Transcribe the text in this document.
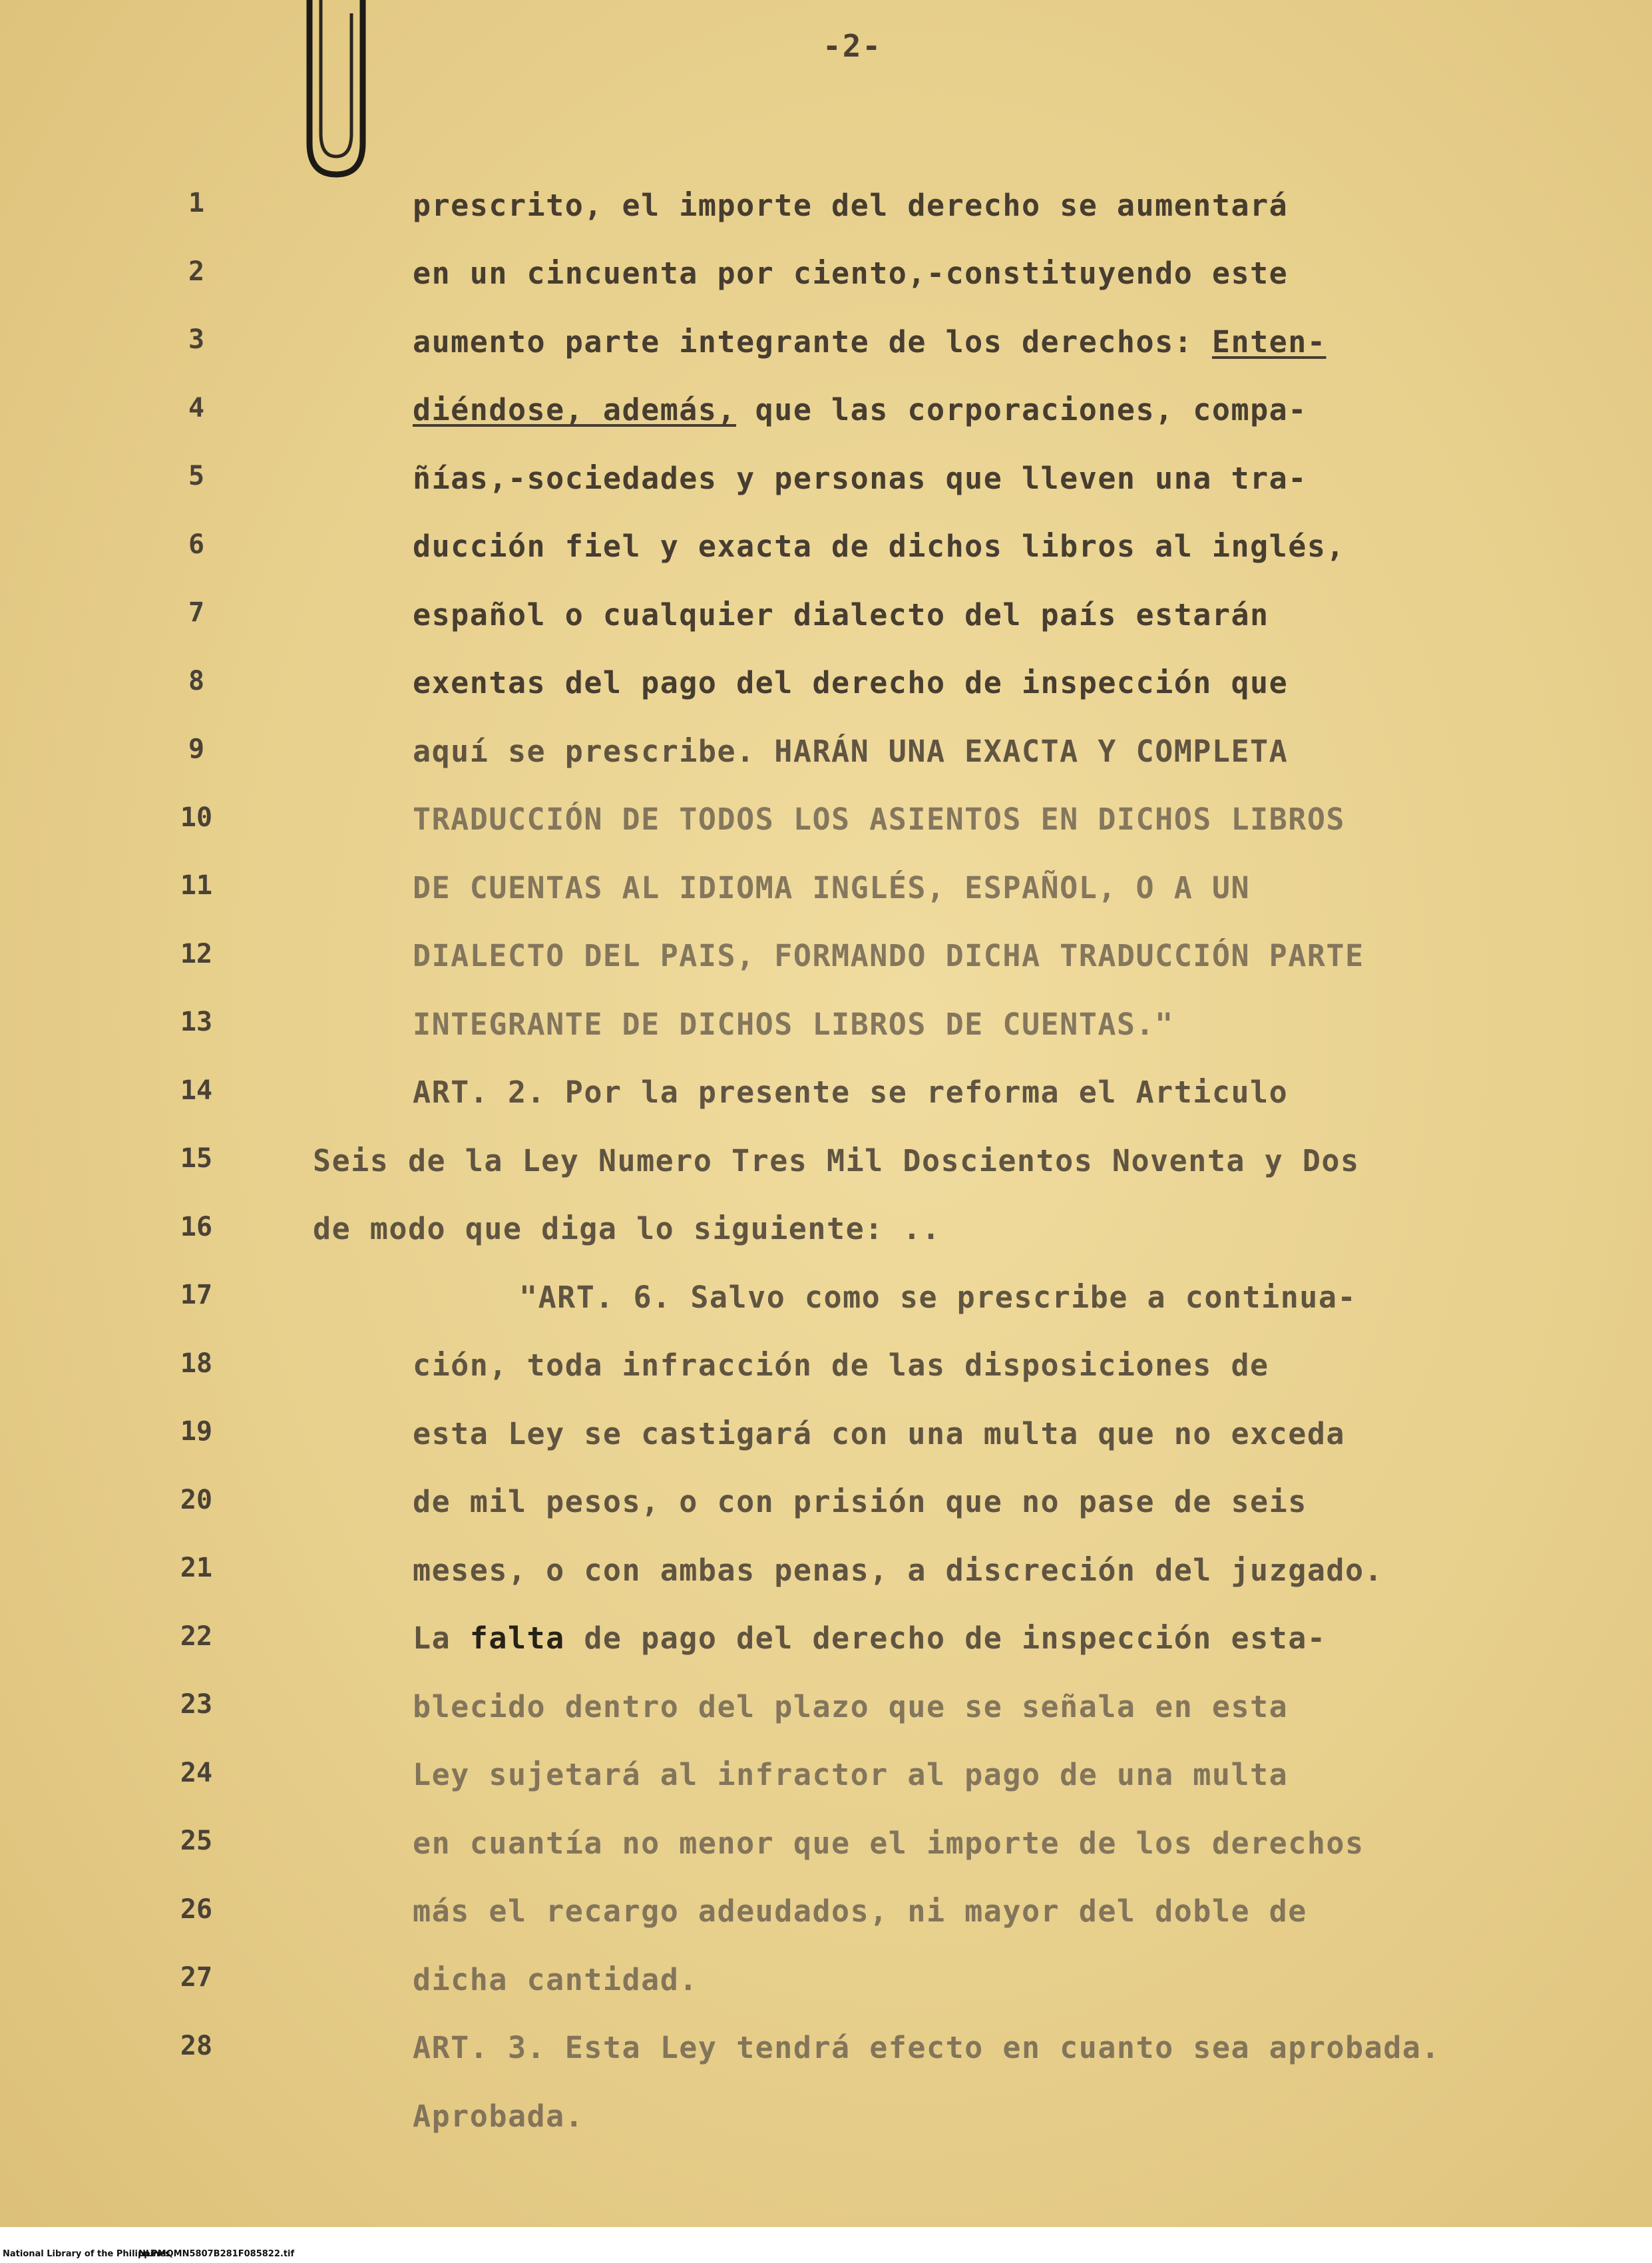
-2-
1
2
3
4
5
6
7
8
9
10
11
12
13
14
15
16
17
18
19
20
21
22
23
24
25
26
27
28
prescrito, el importe del derecho se aumentará
en un cincuenta por ciento,-constituyendo este
aumento parte integrante de los derechos: Enten-
diéndose, además, que las corporaciones, compa-
ñías,-sociedades y personas que lleven una tra-
ducción fiel y exacta de dichos libros al inglés,
español o cualquier dialecto del país estarán
exentas del pago del derecho de inspección que
aquí se prescribe. HARÁN UNA EXACTA Y COMPLETA
TRADUCCIÓN DE TODOS LOS ASIENTOS EN DICHOS LIBROS
DE CUENTAS AL IDIOMA INGLÉS, ESPAÑOL, O A UN
DIALECTO DEL PAIS, FORMANDO DICHA TRADUCCIÓN PARTE
INTEGRANTE DE DICHOS LIBROS DE CUENTAS."
ART. 2. Por la presente se reforma el Articulo
Seis de la Ley Numero Tres Mil Doscientos Noventa y Dos
de modo que diga lo siguiente: ..
"ART. 6. Salvo como se prescribe a continua-
ción, toda infracción de las disposiciones de
esta Ley se castigará con una multa que no exceda
de mil pesos, o con prisión que no pase de seis
meses, o con ambas penas, a discreción del juzgado.
La falta de pago del derecho de inspección esta-
blecido dentro del plazo que se señala en esta
Ley sujetará al infractor al pago de una multa
en cuantía no menor que el importe de los derechos
más el recargo adeudados, ni mayor del doble de
dicha cantidad.
ART. 3. Esta Ley tendrá efecto en cuanto sea aprobada.
Aprobada.
National Library of the Philippines
NLPMQMN5807B281F085822.tif
